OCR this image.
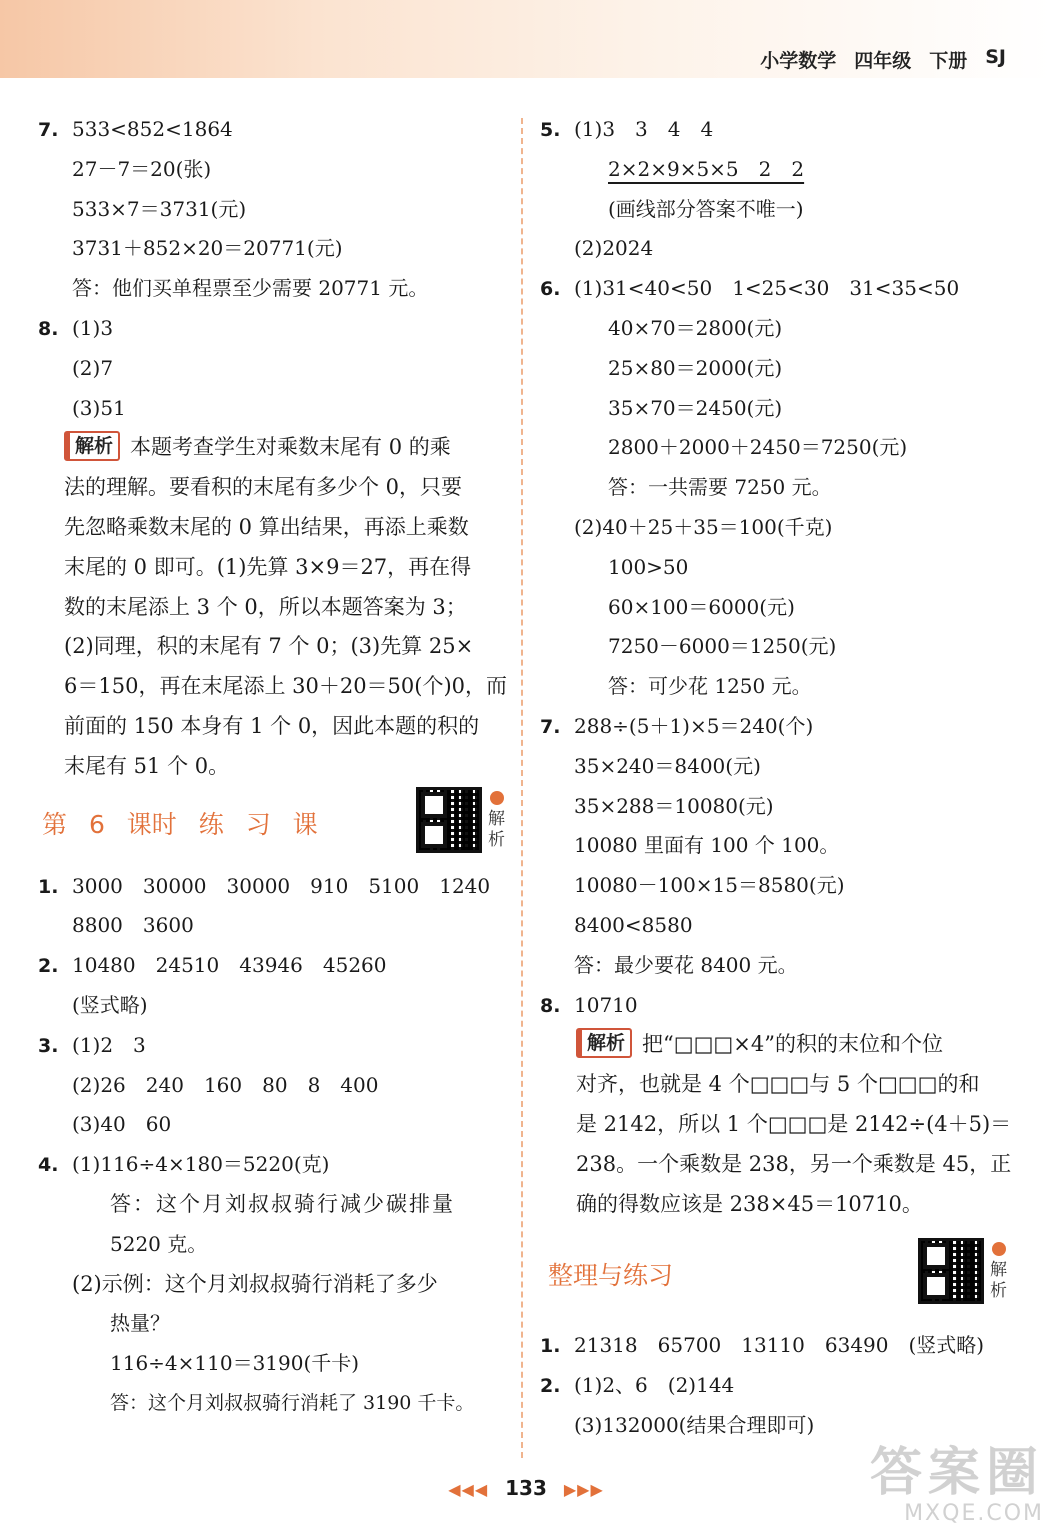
小学数学 四年级 下册 SJ
7. 533<852<1864
27－7＝20(张)
533×7＝3731(元)
3731＋852×20＝20771(元)
答：他们买单程票至少需要 20771 元。
8. (1)3
(2)7
(3)51
解析 本题考查学生对乘数末尾有 0 的乘
法的理解。要看积的末尾有多少个 0，只要
先忽略乘数末尾的 0 算出结果，再添上乘数
末尾的 0 即可。(1)先算 3×9＝27，再在得
数的末尾添上 3 个 0，所以本题答案为 3；
(2)同理，积的末尾有 7 个 0；(3)先算 25×
6＝150，再在末尾添上 30＋20＝50(个)0，而
前面的 150 本身有 1 个 0，因此本题的积的
末尾有 51 个 0。
第 6 课时 练 习 课	解析
1. 3000　30000　30000　910　5100　1240
8800　3600
2. 10480　24510　43946　45260
(竖式略)
3. (1)2　3
(2)26　240　160　80　8　400
(3)40　60
4. (1)116÷4×180＝5220(克)
答：这个月刘叔叔骑行减少碳排量
5220 克。
(2)示例：这个月刘叔叔骑行消耗了多少
热量？
116÷4×110＝3190(千卡)
答：这个月刘叔叔骑行消耗了 3190 千卡。
5. (1)3　3　4　4
2×2×9×5×5　2　2
(画线部分答案不唯一)
(2)2024
6. (1)31<40<50　1<25<30　31<35<50
40×70＝2800(元)
25×80＝2000(元)
35×70＝2450(元)
2800＋2000＋2450＝7250(元)
答：一共需要 7250 元。
(2)40＋25＋35＝100(千克)
100>50
60×100＝6000(元)
7250－6000＝1250(元)
答：可少花 1250 元。
7. 288÷(5＋1)×5＝240(个)
35×240＝8400(元)
35×288＝10080(元)
10080 里面有 100 个 100。
10080－100×15＝8580(元)
8400<8580
答：最少要花 8400 元。
8. 10710
解析 把“□□□×4”的积的末位和个位
对齐，也就是 4 个□□□与 5 个□□□的和
是 2142，所以 1 个□□□是 2142÷(4＋5)＝
238。一个乘数是 238，另一个乘数是 45，正
确的得数应该是 238×45＝10710。
整理与练习	解析
1. 21318　65700　13110　63490　(竖式略)
2. (1)2、6　(2)144
(3)132000(结果合理即可)
◀◀◀ 133 ▶▶▶	答案圈
MXQE.COM
